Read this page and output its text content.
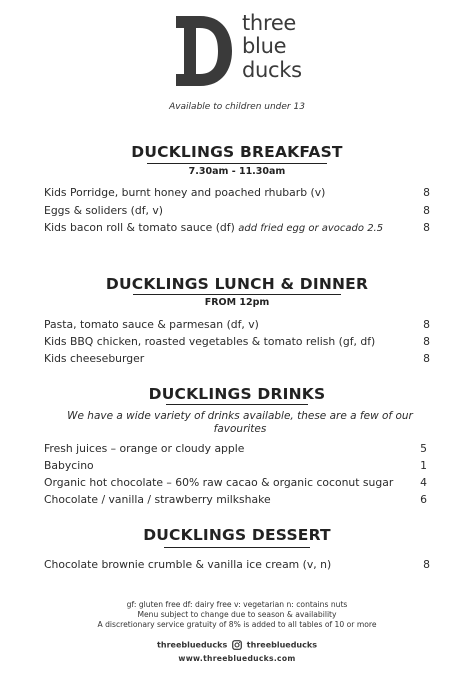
three
blue
ducks
Available to children under 13
DUCKLINGS BREAKFAST
7.30am - 11.30am
Kids Porridge, burnt honey and poached rhubarb (v)	8
Eggs & soliders (df, v)	8
Kids bacon roll & tomato sauce (df) add fried egg or avocado 2.5	8
DUCKLINGS LUNCH & DINNER
FROM 12pm
Pasta, tomato sauce & parmesan (df, v)	8
Kids BBQ chicken, roasted vegetables & tomato relish (gf, df)	8
Kids cheeseburger	8
DUCKLINGS DRINKS
We have a wide variety of drinks available, these are a few of our favourites
Fresh juices – orange or cloudy apple	5
Babycino	1
Organic hot chocolate – 60% raw cacao & organic coconut sugar	4
Chocolate / vanilla / strawberry milkshake	6
DUCKLINGS DESSERT
Chocolate brownie crumble & vanilla ice cream (v, n)	8
gf: gluten free df: dairy free v: vegetarian n: contains nuts
Menu subject to change due to season & availability
A discretionary service gratuity of 8% is added to all tables of 10 or more
threeblueducks threeblueducks
www.threeblueducks.com
